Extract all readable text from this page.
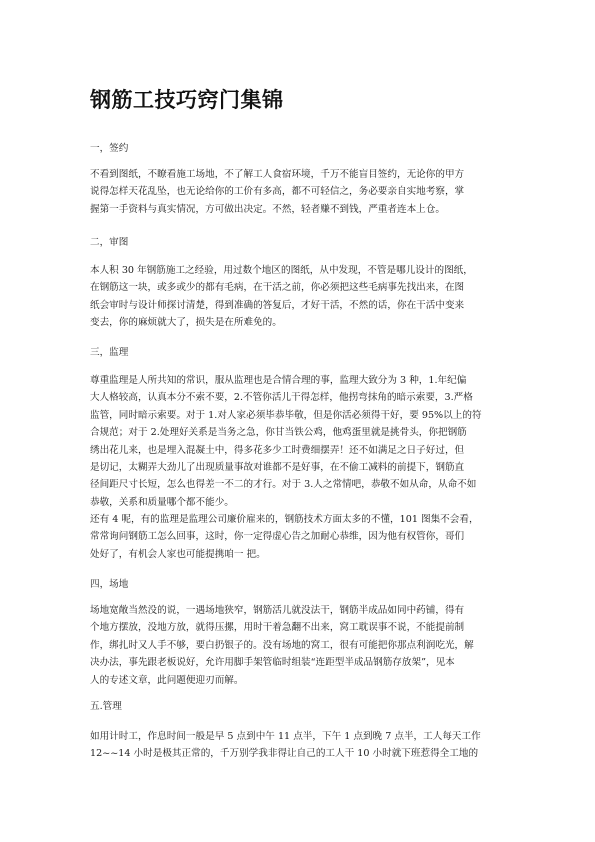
钢筋工技巧窍门集锦
一，签约
不看到图纸，不瞭看施工场地，不了解工人食宿环境，千万不能盲目签约，无论你的甲方
说得怎样天花乱坠，也无论给你的工价有多高，都不可轻信之，务必要亲自实地考察，掌
握第一手资料与真实情况，方可做出决定。不然，轻者赚不到钱，严重者连本上仓。
二，审图
本人积 30 年钢筋施工之经验，用过数个地区的图纸，从中发现，不管是哪儿设计的图纸，
在钢筋这一块，或多或少的都有毛病，在干活之前，你必须把这些毛病事先找出来，在图
纸会审时与设计师探讨清楚，得到准确的答复后，才好干活，不然的话，你在干活中变来
变去，你的麻烦就大了，损失是在所难免的。
三，监理
尊重监理是人所共知的常识，服从监理也是合情合理的事，监理大致分为 3 种，1.年纪偏
大人格较高，认真本分不索不要，2.不管你活儿干得怎样，他拐弯抹角的暗示索要，3.严格
监管，同时暗示索要。对于 1.对人家必须毕恭毕敬，但是你活必须得干好，要 95%以上的符
合规范；对于 2.处理好关系是当务之急，你甘当铁公鸡，他鸡蛋里就是挑骨头，你把钢筋
绣出花儿来，也是埋入混凝土中，得多花多少工时费细摆弄！还不如满足之日子好过，但
是切记，太糊弄大劲儿了出现质量事故对谁都不是好事，在不偷工减料的前提下，钢筋直
径间距尺寸长短，怎么也得差一不二的才行。对于 3.人之常情吧，恭敬不如从命，从命不如
恭敬，关系和质量哪个都不能少。
还有 4 呢，有的监理是监理公司廉价雇来的，钢筋技术方面太多的不懂，101 图集不会看，
常常询问钢筋工怎么回事，这时，你一定得虚心告之加耐心恭维，因为他有权管你，哥们
处好了，有机会人家也可能提携咱一 把。
四，场地
场地宽敞当然没的说，一遇场地狭窄，钢筋活儿就没法干，钢筋半成品如同中药铺，得有
个地方摆放，没地方放，就得压摞，用时干着急翻不出来，窝工耽误事不说，不能提前制
作，绑扎时又人手不够，要白扔银子的。没有场地的窝工，很有可能把你那点利润吃光，解
决办法，事先跟老板说好，允许用脚手架管临时组装“连距型半成品钢筋存放架”，见本
人的专述文章，此问题便迎刃而解。
五.管理
如用计时工，作息时间一般是早 5 点到中午 11 点半，下午 1 点到晚 7 点半，工人每天工作
12~~14 小时是极其正常的，千万别学我非得让自己的工人干 10 小时就下班惹得全工地的
